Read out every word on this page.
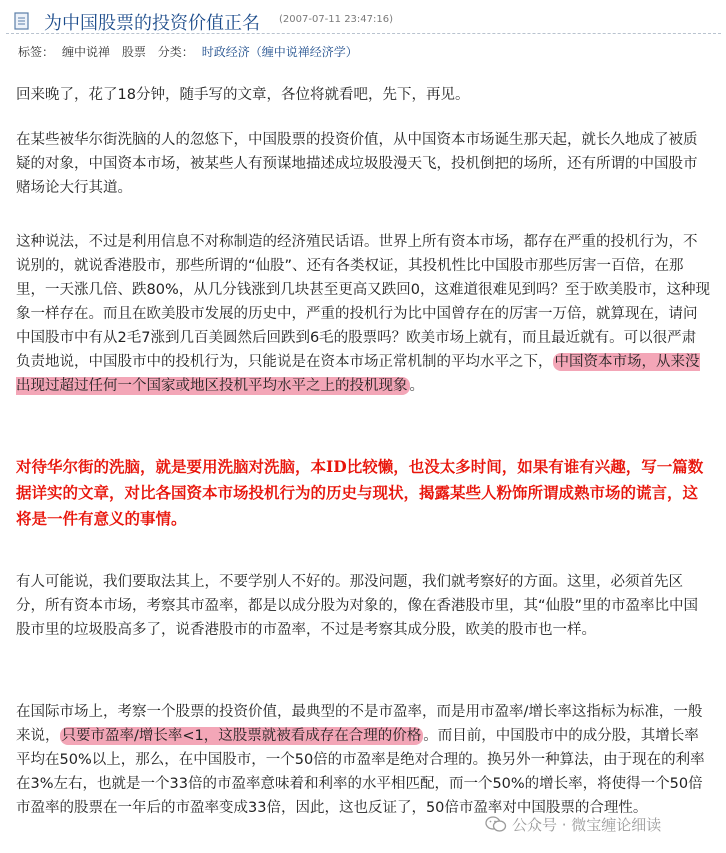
为中国股票的投资价值正名 (2007-07-11 23:47:16)
标签： 缠中说禅 股票 分类： 时政经济（缠中说禅经济学）

回来晚了，花了18分钟，随手写的文章，各位将就看吧，先下，再见。

在某些被华尔街洗脑的人的忽悠下，中国股票的投资价值，从中国资本市场诞生那天起，就长久地成了被质疑的对象，中国资本市场，被某些人有预谋地描述成垃圾股漫天飞，投机倒把的场所，还有所谓的中国股市赌场论大行其道。

这种说法，不过是利用信息不对称制造的经济殖民话语。世界上所有资本市场，都存在严重的投机行为，不说别的，就说香港股市，那些所谓的“仙股”、还有各类权证，其投机性比中国股市那些厉害一百倍，在那里，一天涨几倍、跌80%，从几分钱涨到几块甚至更高又跌回0，这难道很难见到吗？至于欧美股市，这种现象一样存在。而且在欧美股市发展的历史中，严重的投机行为比中国曾存在的厉害一万倍，就算现在，请问中国股市中有从2毛7涨到几百美圆然后回跌到6毛的股票吗？欧美市场上就有，而且最近就有。可以很严肃负责地说，中国股市中的投机行为，只能说是在资本市场正常机制的平均水平之下， 中国资本市场，从来没出现过超过任何一个国家或地区投机平均水平之上的投机现象 。

对待华尔街的洗脑，就是要用洗脑对洗脑，本ID比较懒，也没太多时间，如果有谁有兴趣，写一篇数据详实的文章，对比各国资本市场投机行为的历史与现状，揭露某些人粉饰所谓成熟市场的谎言，这将是一件有意义的事情。

有人可能说，我们要取法其上，不要学别人不好的。那没问题，我们就考察好的方面。这里，必须首先区分，所有资本市场，考察其市盈率，都是以成分股为对象的，像在香港股市里，其“仙股”里的市盈率比中国股市里的垃圾股高多了，说香港股市的市盈率，不过是考察其成分股，欧美的股市也一样。

在国际市场上，考察一个股票的投资价值，最典型的不是市盈率，而是用市盈率/增长率这指标为标准，一般来说， 只要市盈率/增长率<1，这股票就被看成存在合理的价格 。而目前，中国股市中的成分股，其增长率平均在50%以上，那么，在中国股市，一个50倍的市盈率是绝对合理的。换另外一种算法，由于现在的利率在3%左右，也就是一个33倍的市盈率意味着和利率的水平相匹配，而一个50%的增长率，将使得一个50倍市盈率的股票在一年后的市盈率变成33倍，因此，这也反证了，50倍市盈率对中国股票的合理性。

公众号 · 微宝缠论细读
